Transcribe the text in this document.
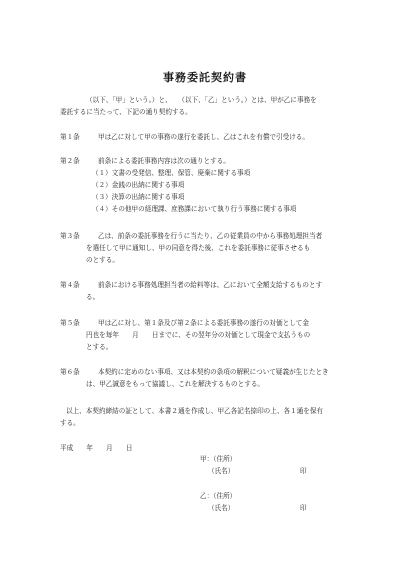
事務委託契約書
（以下、「甲」という。）と、　　（以下、「乙」という。）とは、甲が乙に事務を
委託するに当たって、下記の通り契約する。
第１条	甲は乙に対して甲の事務の遂行を委託し、乙はこれを有償で引受ける。
第２条	前条による委託事務内容は次の通りとする。
（１）文書の受発信、整理、保管、廃棄に関する事項
（２）金銭の出納に関する事項
（３）決算の出納に関する事項
（４）その他甲の経理課、庶務課において執り行う事務に関する事項
第３条	乙は、前条の委託事務を行うに当たり、乙の従業員の中から事務処理担当者
を選任して甲に通知し、甲の同意を得た後、これを委託事務に従事させるも
のとする。
第４条	前条における事務処理担当者の給料等は、乙において全額支給するものとす
る。
第５条	甲は乙に対し、第１条及び第２条による委託事務の遂行の対価として金
円也を毎年　　月　　日までに、その翌年分の対価として現金で支払うもの
とする。
第６条	本契約に定めのない事項、又は本契約の条項の解釈について疑義が生じたとき
は、甲乙誠意をもって協議し、これを解決するものとする。
以上、本契約締結の証として、本書２通を作成し、甲乙各記名捺印の上、各１通を保有
する。
平成　　年　　月　　日
甲：（住所）
（氏名）	印
乙：（住所）
（氏名）	印
